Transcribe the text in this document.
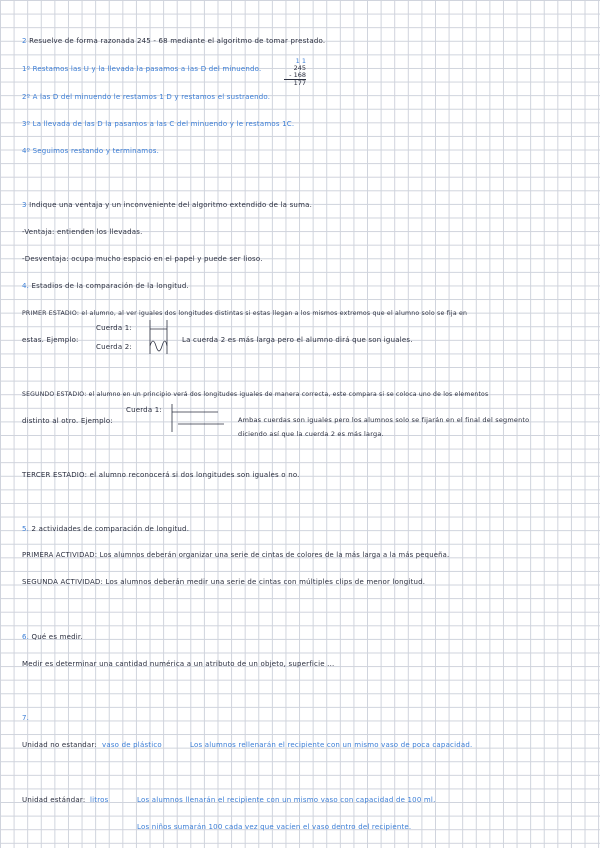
2 Resuelve de forma razonada 245 - 68 mediante el algoritmo de tomar prestado.
1º Restamos las U y la llevada la pasamos a las D del minuendo.
1 1
245
- 168
177
2º A las D del minuendo le restamos 1 D y restamos el sustraendo.
3º La llevada de las D la pasamos a las C del minuendo y le restamos 1C.
4º Seguimos restando y terminamos.
3 Indique una ventaja y un inconveniente del algoritmo extendido de la suma.
-Ventaja: entienden los llevadas.
-Desventaja: ocupa mucho espacio en el papel y puede ser lioso.
4. Estadios de la comparación de la longitud.
PRIMER ESTADIO: el alumno, al ver iguales dos longitudes distintas si estas llegan a los mismos extremos que el alumno solo se fija en
estas. Ejemplo:
Cuerda 1:
Cuerda 2:
La cuerda 2 es más larga pero el alumno dirá que son iguales.
SEGUNDO ESTADIO: el alumno en un principio verá dos longitudes iguales de manera correcta, este compara si se coloca uno de los elementos
distinto al otro. Ejemplo:
Cuerda 1:
Ambas cuerdas son iguales pero los alumnos solo se fijarán en el final del segmento
diciendo así que la cuerda 2 es más larga.
TERCER ESTADIO: el alumno reconocerá si dos longitudes son iguales o no.
5. 2 actividades de comparación de longitud.
PRIMERA ACTIVIDAD: Los alumnos deberán organizar una serie de cintas de colores de la más larga a la más pequeña.
SEGUNDA ACTIVIDAD: Los alumnos deberán medir una serie de cintas con múltiples clips de menor longitud.
6. Qué es medir.
Medir es determinar una cantidad numérica a un atributo de un objeto, superficie ...
7.
Unidad no estandar: vaso de plástico	Los alumnos rellenarán el recipiente con un mismo vaso de poca capacidad.
Unidad estándar: litros	Los alumnos llenarán el recipiente con un mismo vaso con capacidad de 100 ml.
Los niños sumarán 100 cada vez que vacíen el vaso dentro del recipiente.
